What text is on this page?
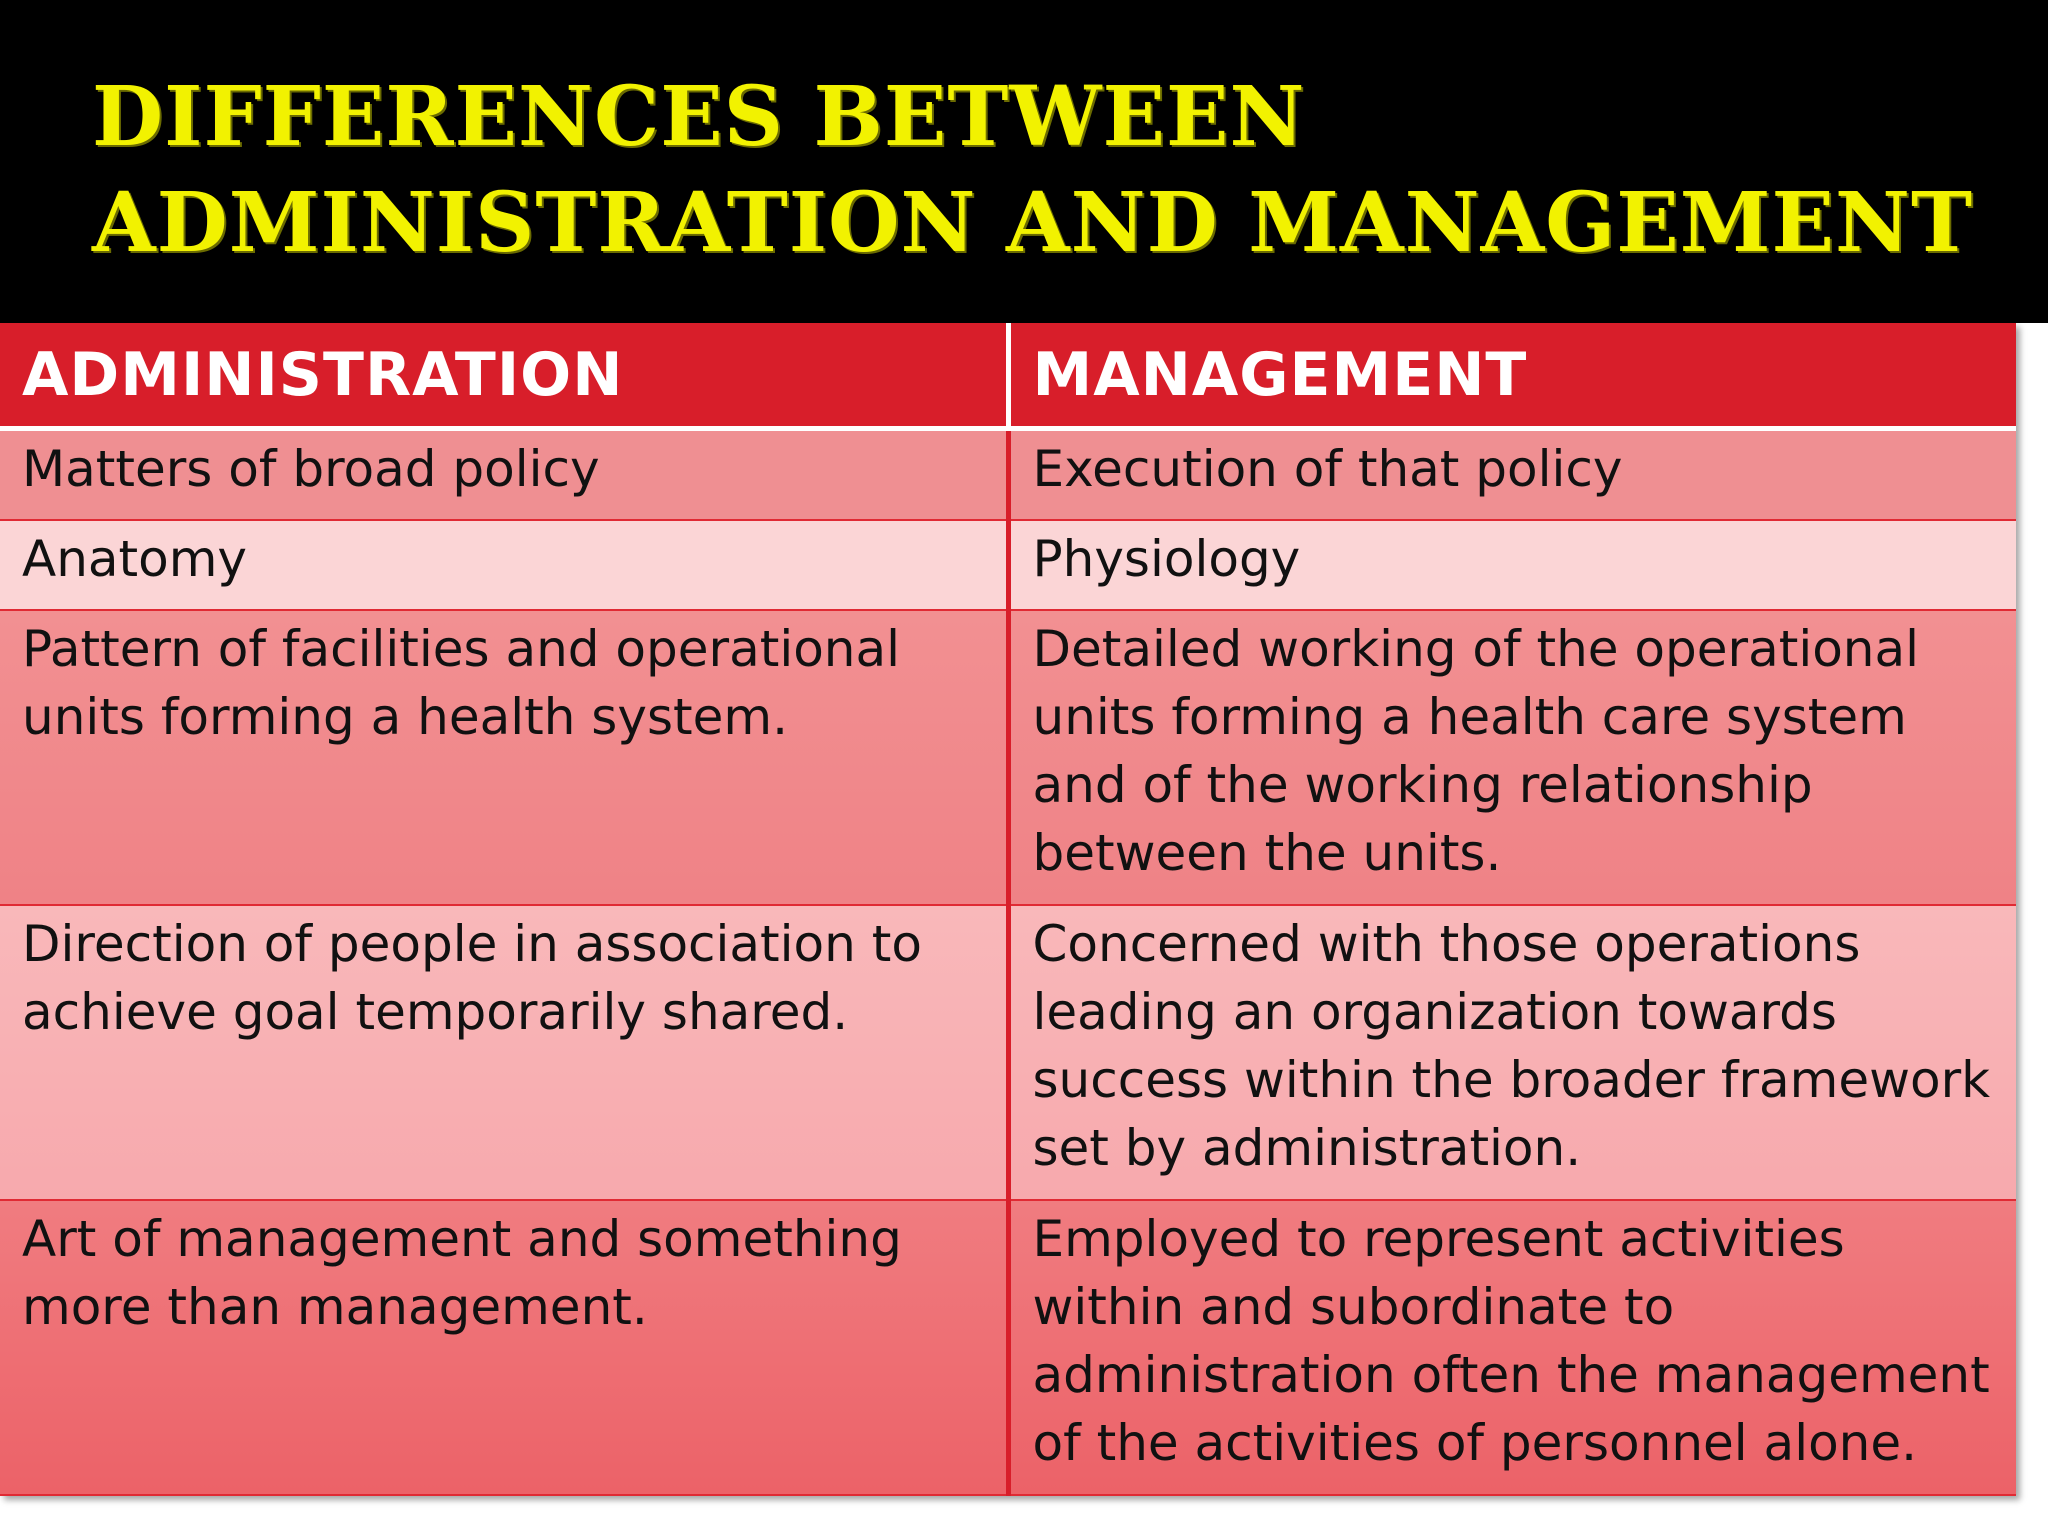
DIFFERENCES BETWEEN
ADMINISTRATION AND MANAGEMENT
ADMINISTRATION	MANAGEMENT
Matters of broad policy	Execution of that policy
Anatomy	Physiology
Pattern of facilities and operational units forming a health system.	Detailed working of the operational units forming a health care system and of the working relationship between the units.
Direction of people in association to achieve goal temporarily shared.	Concerned with those operations leading an organization towards success within the broader framework set by administration.
Art of management and something more than management.	Employed to represent activities within and subordinate to administration often the management of the activities of personnel alone.
